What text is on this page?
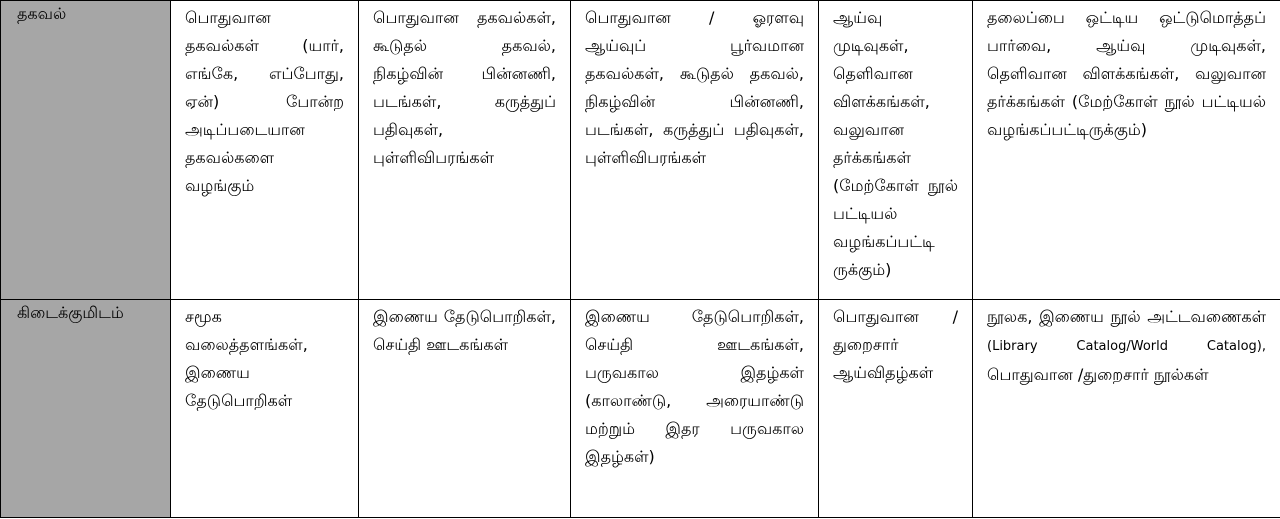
தகவல்	பொதுவான தகவல்கள் (யார், எங்கே, எப்போது, ஏன்) போன்ற அடிப்படையான தகவல்களை வழங்கும்	பொதுவான தகவல்கள், கூடுதல் தகவல், நிகழ்வின் பின்னணி, படங்கள், கருத்துப் பதிவுகள், புள்ளிவிபரங்கள்	பொதுவான / ஓரளவு ஆய்வுப் பூர்வமான தகவல்கள், கூடுதல் தகவல், நிகழ்வின் பின்னணி, படங்கள், கருத்துப் பதிவுகள், புள்ளிவிபரங்கள்	ஆய்வு முடிவுகள், தெளிவான விளக்கங்கள், வலுவான தர்க்கங்கள் (மேற்கோள் நூல் பட்டியல் வழங்கப்பட்டி ருக்கும்)	தலைப்பை ஒட்டிய ஒட்டுமொத்தப் பார்வை, ஆய்வு முடிவுகள், தெளிவான விளக்கங்கள், வலுவான தர்க்கங்கள் (மேற்கோள் நூல் பட்டியல் வழங்கப்பட்டிருக்கும்)

கிடைக்குமிடம்	சமூக வலைத்தளங்கள், இணைய தேடுபொறிகள்	இணைய தேடுபொறிகள், செய்தி ஊடகங்கள்	இணைய தேடுபொறிகள், செய்தி ஊடகங்கள், பருவகால இதழ்கள் (காலாண்டு, அரையாண்டு மற்றும் இதர பருவகால இதழ்கள்)	பொதுவான /துறைசார் ஆய்விதழ்கள்	நூலக, இணைய நூல் அட்டவணைகள் (Library Catalog/World Catalog), பொதுவான /துறைசார் நூல்கள்
